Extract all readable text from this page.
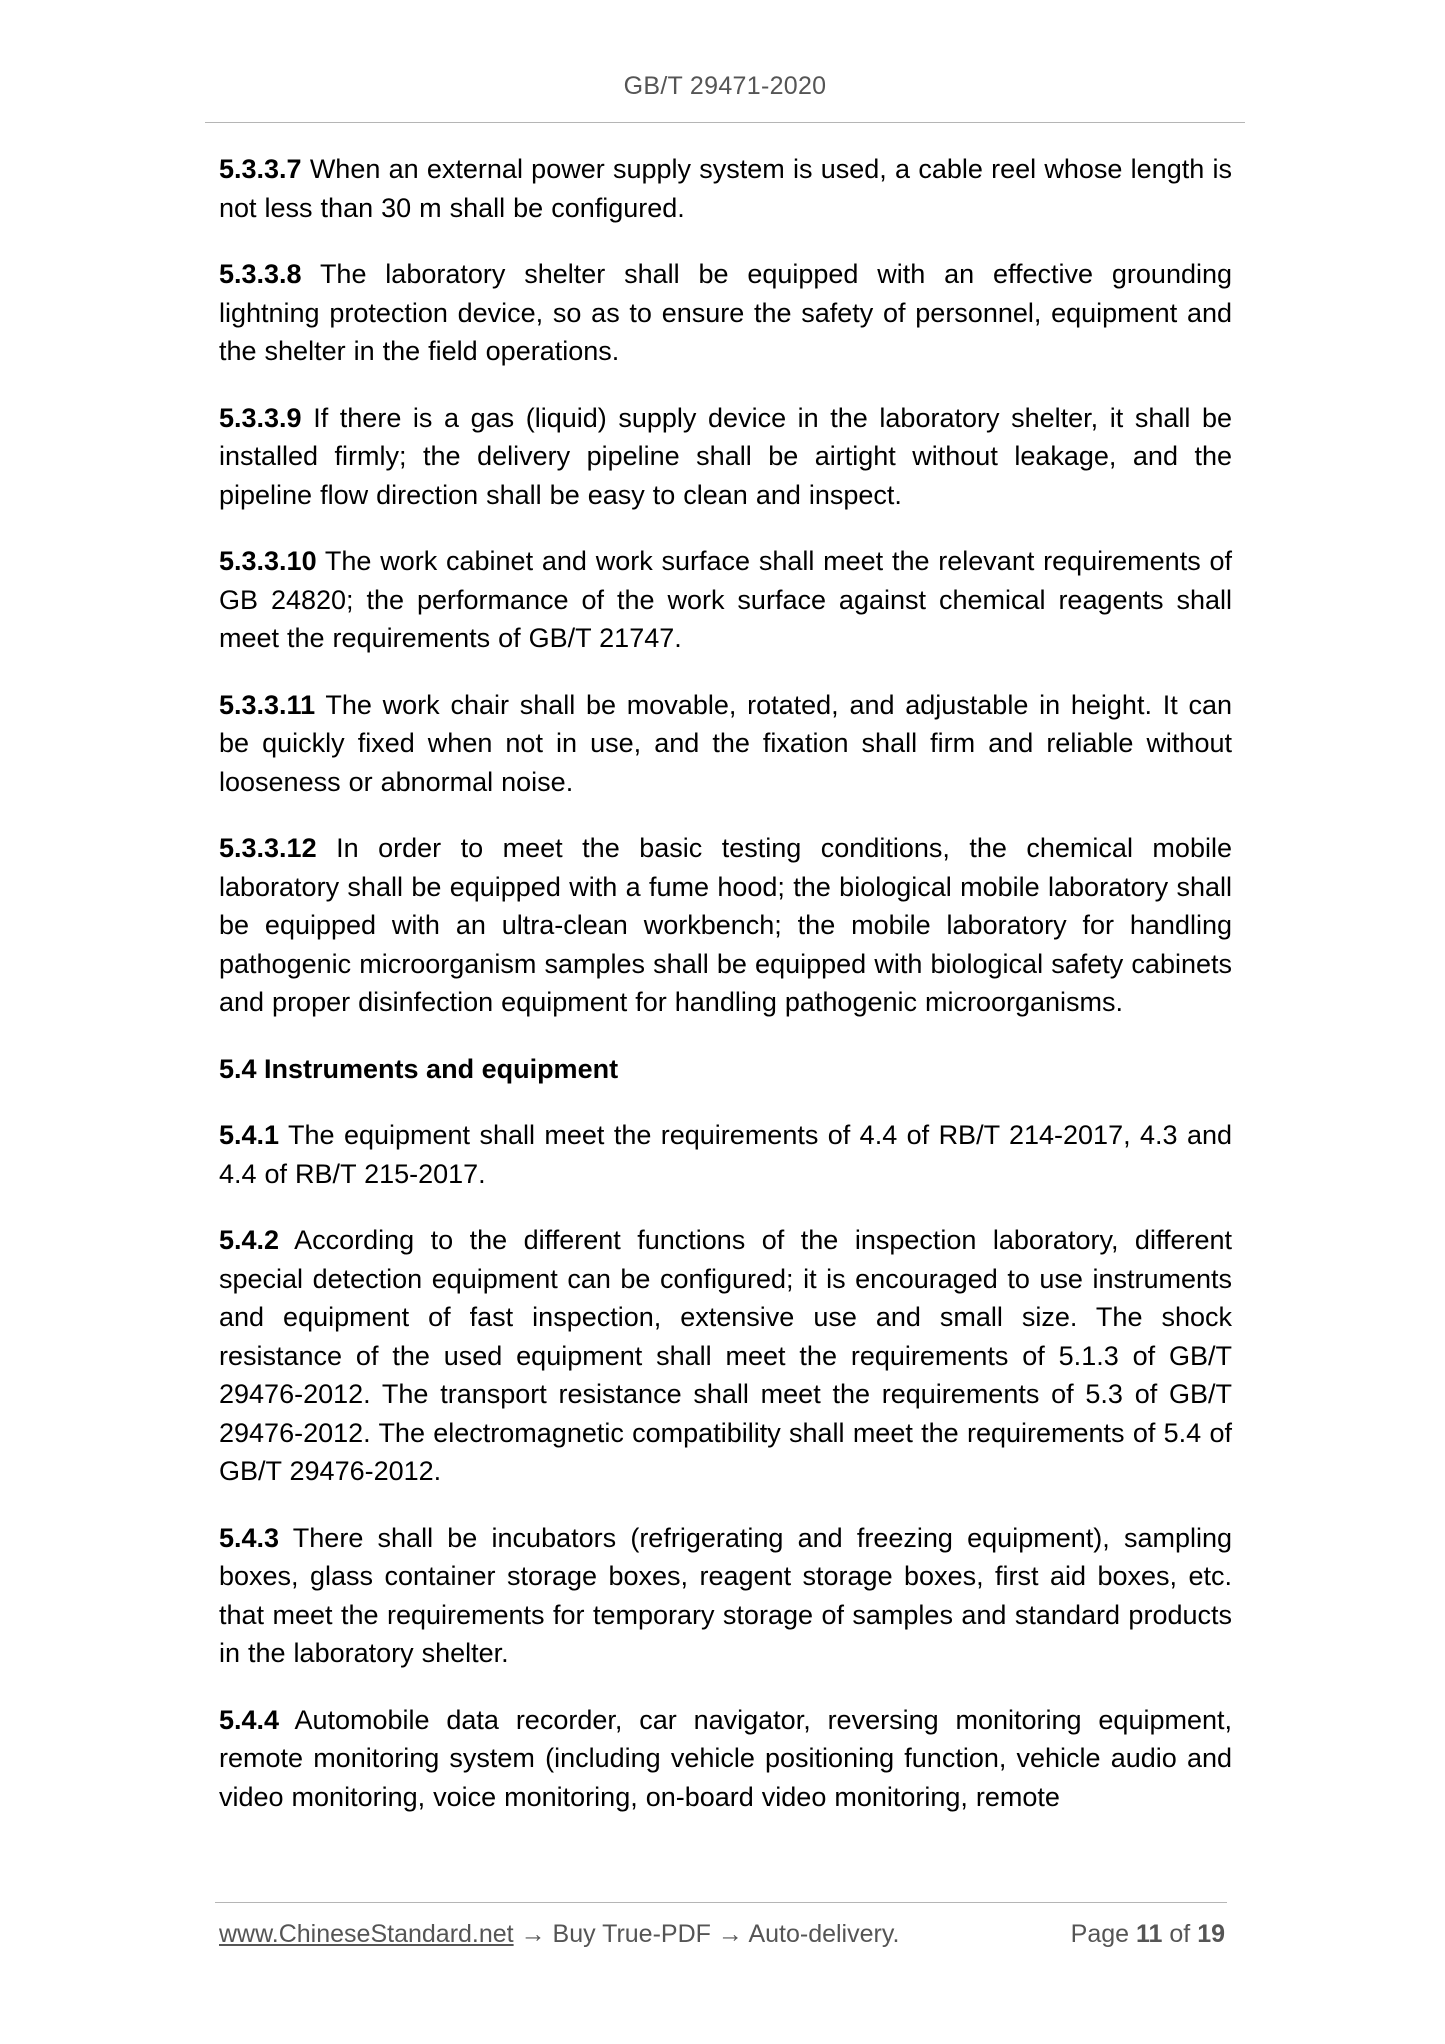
GB/T 29471-2020

5.3.3.7 When an external power supply system is used, a cable reel whose length is not less than 30 m shall be configured.

5.3.3.8 The laboratory shelter shall be equipped with an effective grounding lightning protection device, so as to ensure the safety of personnel, equipment and the shelter in the field operations.

5.3.3.9 If there is a gas (liquid) supply device in the laboratory shelter, it shall be installed firmly; the delivery pipeline shall be airtight without leakage, and the pipeline flow direction shall be easy to clean and inspect.

5.3.3.10 The work cabinet and work surface shall meet the relevant requirements of GB 24820; the performance of the work surface against chemical reagents shall meet the requirements of GB/T 21747.

5.3.3.11 The work chair shall be movable, rotated, and adjustable in height. It can be quickly fixed when not in use, and the fixation shall firm and reliable without looseness or abnormal noise.

5.3.3.12 In order to meet the basic testing conditions, the chemical mobile laboratory shall be equipped with a fume hood; the biological mobile laboratory shall be equipped with an ultra-clean workbench; the mobile laboratory for handling pathogenic microorganism samples shall be equipped with biological safety cabinets and proper disinfection equipment for handling pathogenic microorganisms.

5.4 Instruments and equipment

5.4.1 The equipment shall meet the requirements of 4.4 of RB/T 214-2017, 4.3 and 4.4 of RB/T 215-2017.

5.4.2 According to the different functions of the inspection laboratory, different special detection equipment can be configured; it is encouraged to use instruments and equipment of fast inspection, extensive use and small size. The shock resistance of the used equipment shall meet the requirements of 5.1.3 of GB/T 29476-2012. The transport resistance shall meet the requirements of 5.3 of GB/T 29476-2012. The electromagnetic compatibility shall meet the requirements of 5.4 of GB/T 29476-2012.

5.4.3 There shall be incubators (refrigerating and freezing equipment), sampling boxes, glass container storage boxes, reagent storage boxes, first aid boxes, etc. that meet the requirements for temporary storage of samples and standard products in the laboratory shelter.

5.4.4 Automobile data recorder, car navigator, reversing monitoring equipment, remote monitoring system (including vehicle positioning function, vehicle audio and video monitoring, voice monitoring, on-board video monitoring, remote

www.ChineseStandard.net → Buy True-PDF → Auto-delivery.	Page 11 of 19
